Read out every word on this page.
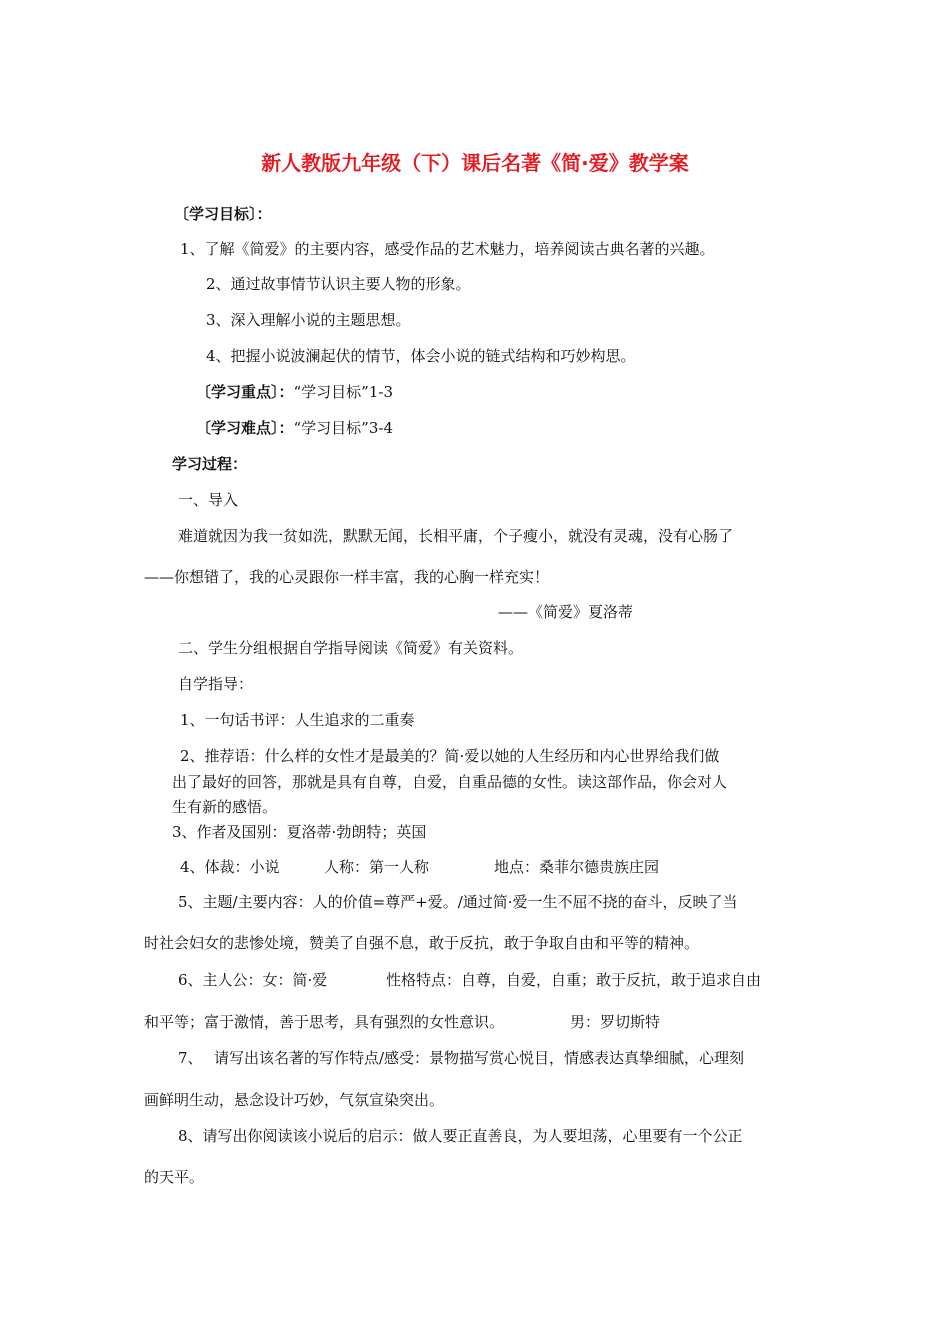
新人教版九年级（下）课后名著《简·爱》教学案
〔学习目标〕：
1、了解《简爱》的主要内容，感受作品的艺术魅力，培养阅读古典名著的兴趣。
2、通过故事情节认识主要人物的形象。
3、深入理解小说的主题思想。
4、把握小说波澜起伏的情节，体会小说的链式结构和巧妙构思。
〔学习重点〕：“学习目标”1-3
〔学习难点〕：“学习目标”3-4
学习过程：
一、导入
难道就因为我一贫如洗，默默无闻，长相平庸，个子瘦小，就没有灵魂，没有心肠了
——你想错了，我的心灵跟你一样丰富，我的心胸一样充实！
——《简爱》夏洛蒂
二、学生分组根据自学指导阅读《简爱》有关资料。
自学指导：
1、一句话书评：人生追求的二重奏
2、推荐语：什么样的女性才是最美的？简·爱以她的人生经历和内心世界给我们做
出了最好的回答，那就是具有自尊，自爱，自重品德的女性。读这部作品，你会对人
生有新的感悟。
3、作者及国别：夏洛蒂·勃朗特；英国
4、体裁：小说	人称：第一人称	地点：桑菲尔德贵族庄园
5、主题/主要内容：人的价值=尊严+爱。/通过简·爱一生不屈不挠的奋斗，反映了当
时社会妇女的悲惨处境，赞美了自强不息，敢于反抗，敢于争取自由和平等的精神。
6、主人公：女：简·爱	性格特点：自尊，自爱，自重；敢于反抗，敢于追求自由
和平等；富于激情，善于思考，具有强烈的女性意识。	男：罗切斯特
7、 请写出该名著的写作特点/感受：景物描写赏心悦目，情感表达真挚细腻，心理刻
画鲜明生动，悬念设计巧妙，气氛宣染突出。
8、请写出你阅读该小说后的启示：做人要正直善良，为人要坦荡，心里要有一个公正
的天平。
